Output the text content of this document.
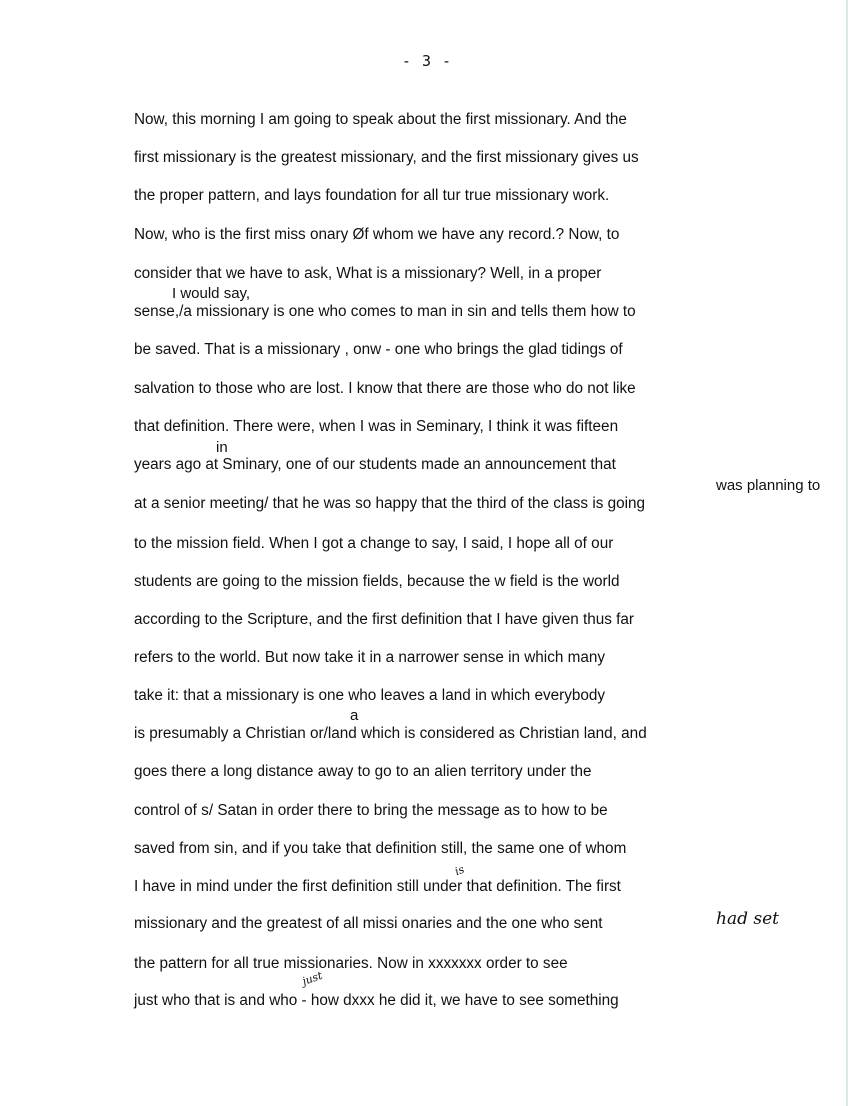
- 3 -
Now, this morning I am going to speak about the first missionary. And the
first missionary is the greatest missionary, and the first missionary gives us
the proper pattern, and lays foundation for all tur true missionary work.
Now, who is the first miss onary Øf whom we have any record.? Now, to
consider that we have to ask, What is a missionary? Well, in a proper
I would say,
sense,/a missionary is one who comes to man in sin and tells them how to
be saved. That is a missionary , onw - one who brings the glad tidings of
salvation to those who are lost. I know that there are those who do not like
that definition. There were, when I was in Seminary, I think it was fifteen
in
years ago at Sminary, one of our students made an announcement that
was planning to
at a senior meeting/ that he was so happy that the third of the class is going
to the mission field. When I got a change to say, I said, I hope all of our
students are going to the mission fields, because the w field is the world
according to the Scripture, and the first definition that I have given thus far
refers to the world. But now take it in a narrower sense in which many
take it: that a missionary is one who leaves a land in which everybody
a
is presumably a Christian or/land which is considered as Christian land, and
goes there a long distance away to go to an alien territory under the
control of s/ Satan in order there to bring the message as to how to be
saved from sin, and if you take that definition still, the same one of whom
is
I have in mind under the first definition still under that definition. The first
missionary and the greatest of all missi onaries and the one who sent	had set
the pattern for all true missionaries. Now in xxxxxxx order to see
just
just who that is and who - how dxxx he did it, we have to see something
